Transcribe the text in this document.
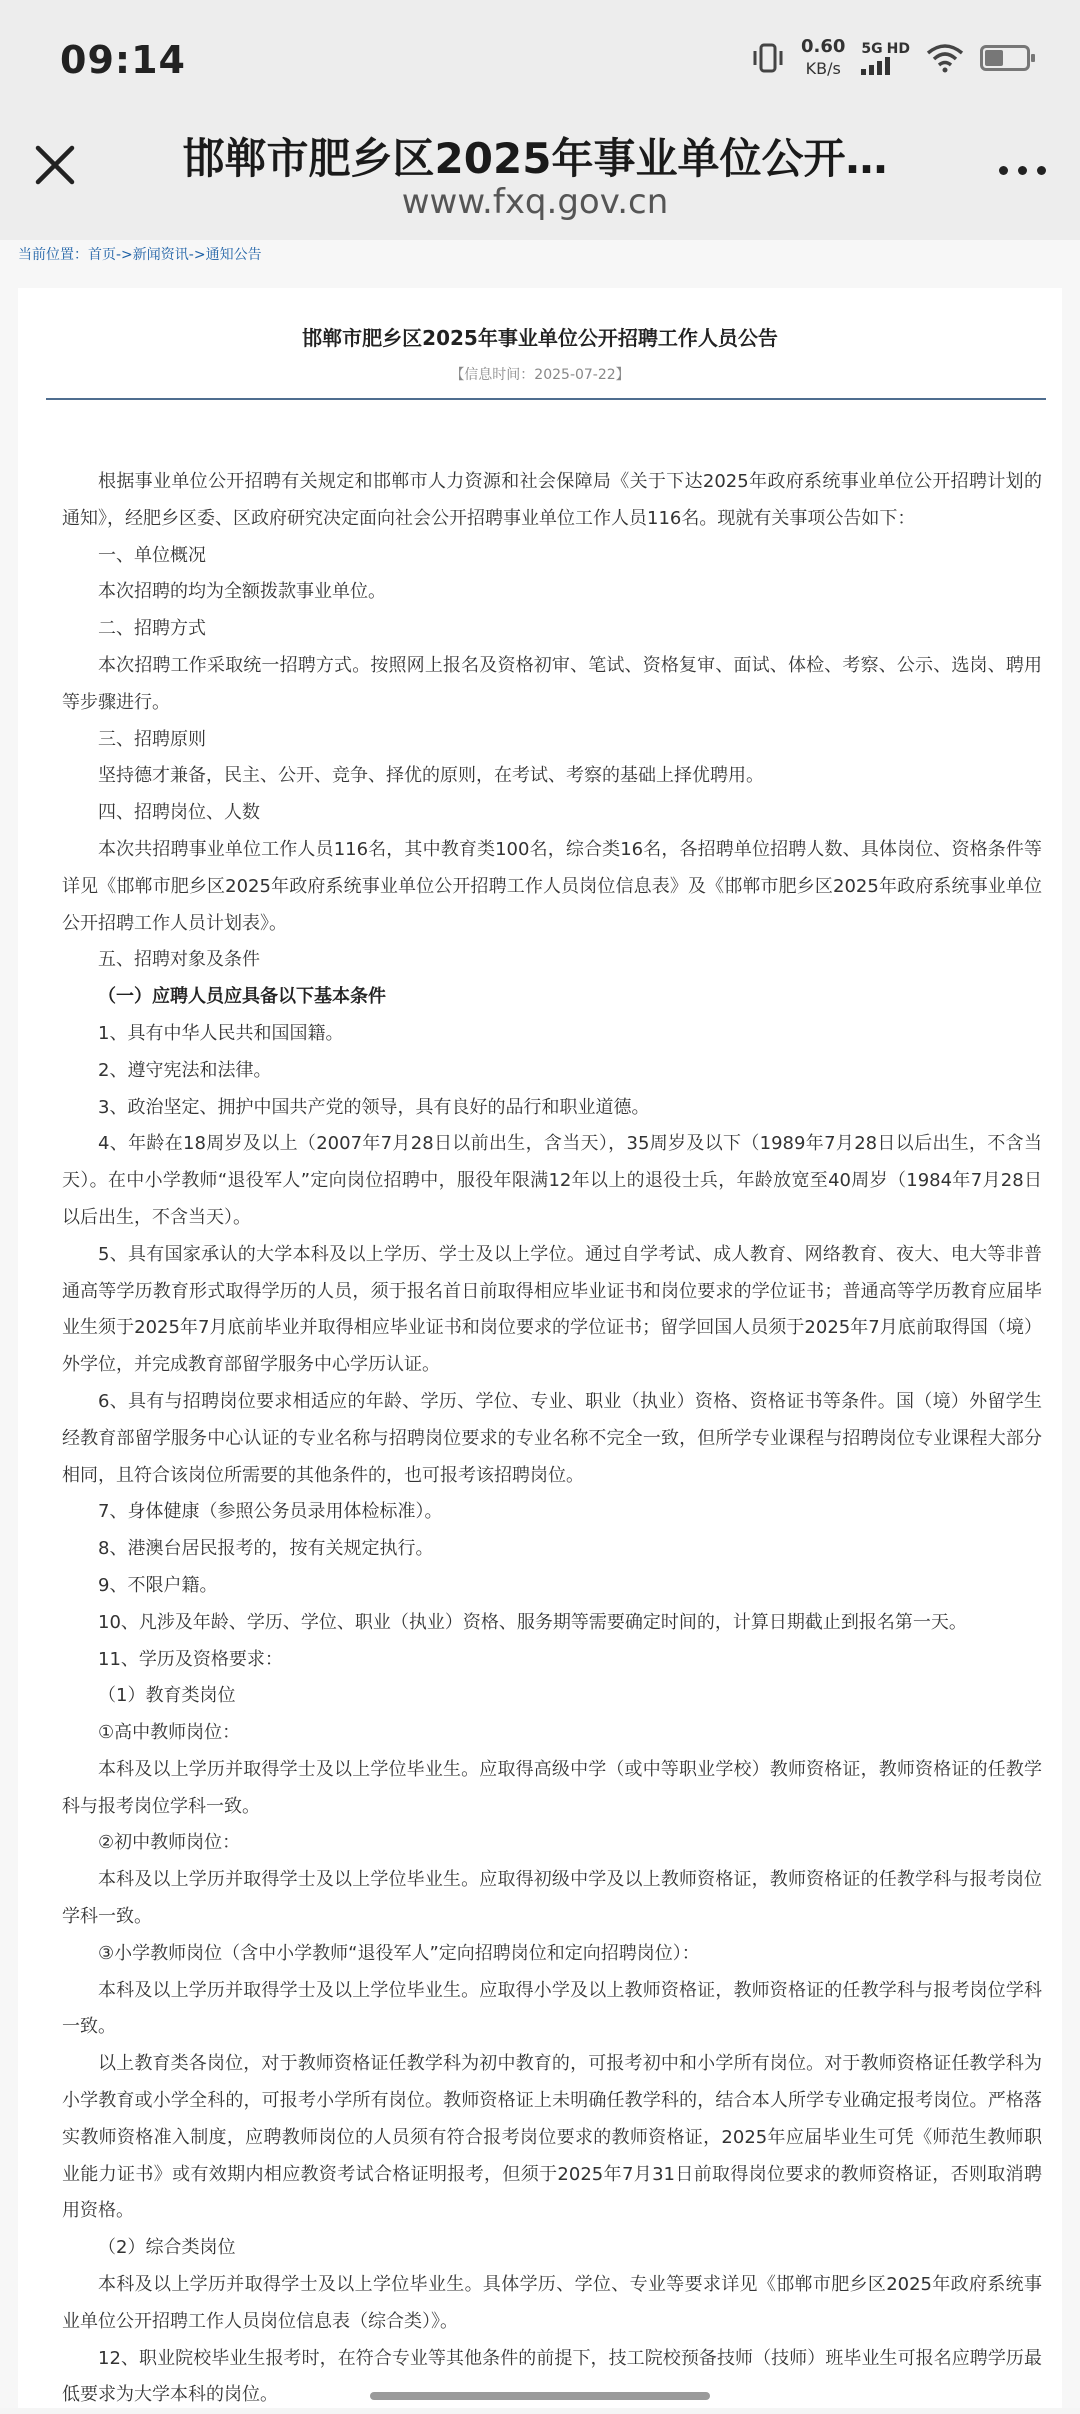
09:14	0.60
KB/s
5G HD
邯郸市肥乡区2025年事业单位公开…
www.fxq.gov.cn
当前位置：首页->新闻资讯->通知公告
邯郸市肥乡区2025年事业单位公开招聘工作人员公告
【信息时间：2025-07-22】

根据事业单位公开招聘有关规定和邯郸市人力资源和社会保障局《关于下达2025年政府系统事业单位公开招聘计划的通知》，经肥乡区委、区政府研究决定面向社会公开招聘事业单位工作人员116名。现就有关事项公告如下：

一、单位概况

本次招聘的均为全额拨款事业单位。

二、招聘方式

本次招聘工作采取统一招聘方式。按照网上报名及资格初审、笔试、资格复审、面试、体检、考察、公示、选岗、聘用等步骤进行。

三、招聘原则

坚持德才兼备，民主、公开、竞争、择优的原则，在考试、考察的基础上择优聘用。

四、招聘岗位、人数

本次共招聘事业单位工作人员116名，其中教育类100名，综合类16名，各招聘单位招聘人数、具体岗位、资格条件等详见《邯郸市肥乡区2025年政府系统事业单位公开招聘工作人员岗位信息表》及《邯郸市肥乡区2025年政府系统事业单位公开招聘工作人员计划表》。

五、招聘对象及条件

（一）应聘人员应具备以下基本条件

1、具有中华人民共和国国籍。

2、遵守宪法和法律。

3、政治坚定、拥护中国共产党的领导，具有良好的品行和职业道德。

4、年龄在18周岁及以上（2007年7月28日以前出生，含当天），35周岁及以下（1989年7月28日以后出生，不含当天）。在中小学教师“退役军人”定向岗位招聘中，服役年限满12年以上的退役士兵，年龄放宽至40周岁（1984年7月28日以后出生，不含当天）。

5、具有国家承认的大学本科及以上学历、学士及以上学位。通过自学考试、成人教育、网络教育、夜大、电大等非普通高等学历教育形式取得学历的人员，须于报名首日前取得相应毕业证书和岗位要求的学位证书；普通高等学历教育应届毕业生须于2025年7月底前毕业并取得相应毕业证书和岗位要求的学位证书；留学回国人员须于2025年7月底前取得国（境）外学位，并完成教育部留学服务中心学历认证。

6、具有与招聘岗位要求相适应的年龄、学历、学位、专业、职业（执业）资格、资格证书等条件。国（境）外留学生经教育部留学服务中心认证的专业名称与招聘岗位要求的专业名称不完全一致，但所学专业课程与招聘岗位专业课程大部分相同，且符合该岗位所需要的其他条件的，也可报考该招聘岗位。

7、身体健康（参照公务员录用体检标准）。

8、港澳台居民报考的，按有关规定执行。

9、不限户籍。

10、凡涉及年龄、学历、学位、职业（执业）资格、服务期等需要确定时间的，计算日期截止到报名第一天。

11、学历及资格要求：

（1）教育类岗位

①高中教师岗位：

本科及以上学历并取得学士及以上学位毕业生。应取得高级中学（或中等职业学校）教师资格证，教师资格证的任教学科与报考岗位学科一致。

②初中教师岗位：

本科及以上学历并取得学士及以上学位毕业生。应取得初级中学及以上教师资格证，教师资格证的任教学科与报考岗位学科一致。

③小学教师岗位（含中小学教师“退役军人”定向招聘岗位和定向招聘岗位）：

本科及以上学历并取得学士及以上学位毕业生。应取得小学及以上教师资格证，教师资格证的任教学科与报考岗位学科一致。

以上教育类各岗位，对于教师资格证任教学科为初中教育的，可报考初中和小学所有岗位。对于教师资格证任教学科为小学教育或小学全科的，可报考小学所有岗位。教师资格证上未明确任教学科的，结合本人所学专业确定报考岗位。严格落实教师资格准入制度，应聘教师岗位的人员须有符合报考岗位要求的教师资格证，2025年应届毕业生可凭《师范生教师职业能力证书》或有效期内相应教资考试合格证明报考，但须于2025年7月31日前取得岗位要求的教师资格证，否则取消聘用资格。

（2）综合类岗位

本科及以上学历并取得学士及以上学位毕业生。具体学历、学位、专业等要求详见《邯郸市肥乡区2025年政府系统事业单位公开招聘工作人员岗位信息表（综合类）》。

12、职业院校毕业生报考时，在符合专业等其他条件的前提下，技工院校预备技师（技师）班毕业生可报名应聘学历最低要求为大学本科的岗位。
